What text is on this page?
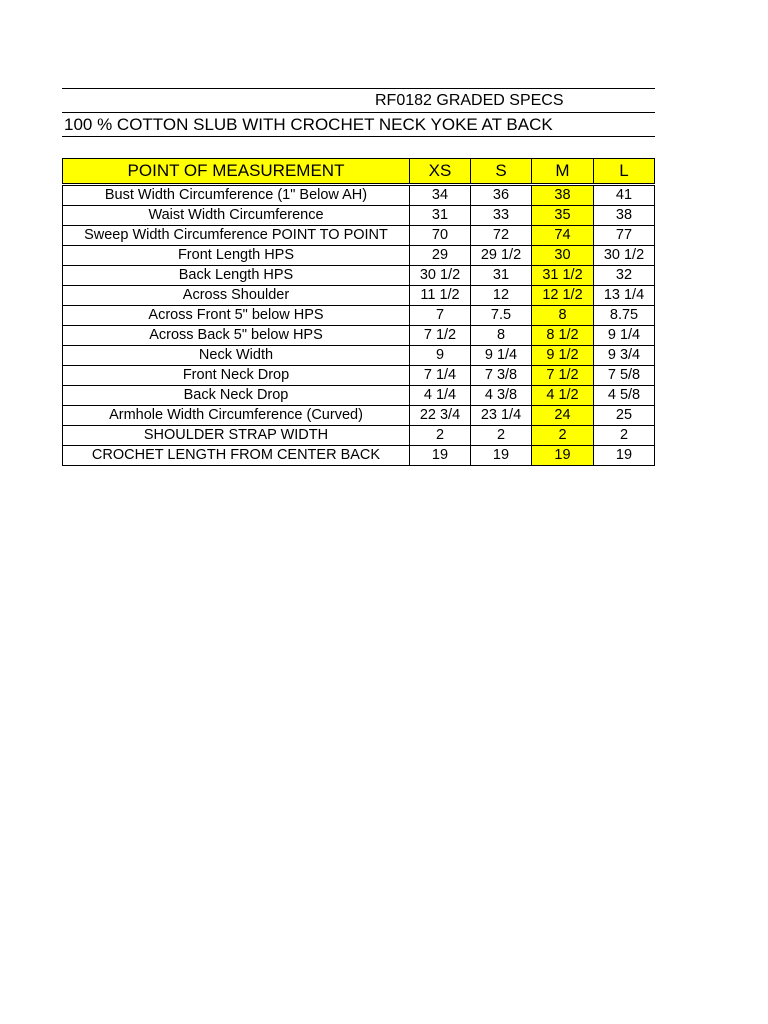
RF0182 GRADED SPECS
100 % COTTON SLUB WITH CROCHET NECK YOKE AT BACK
POINT OF MEASUREMENT	XS	S	M	L
Bust Width Circumference (1" Below AH)	34	36	38	41
Waist Width Circumference	31	33	35	38
Sweep Width Circumference POINT TO POINT	70	72	74	77
Front Length HPS	29	29 1/2	30	30 1/2
Back Length HPS	30 1/2	31	31 1/2	32
Across Shoulder	11 1/2	12	12 1/2	13 1/4
Across Front 5" below HPS	7	7.5	8	8.75
Across Back 5" below HPS	7 1/2	8	8 1/2	9 1/4
Neck Width	9	9 1/4	9 1/2	9 3/4
Front Neck Drop	7 1/4	7 3/8	7 1/2	7 5/8
Back Neck Drop	4 1/4	4 3/8	4 1/2	4 5/8
Armhole Width Circumference (Curved)	22 3/4	23 1/4	24	25
SHOULDER STRAP WIDTH	2	2	2	2
CROCHET LENGTH FROM CENTER BACK	19	19	19	19
